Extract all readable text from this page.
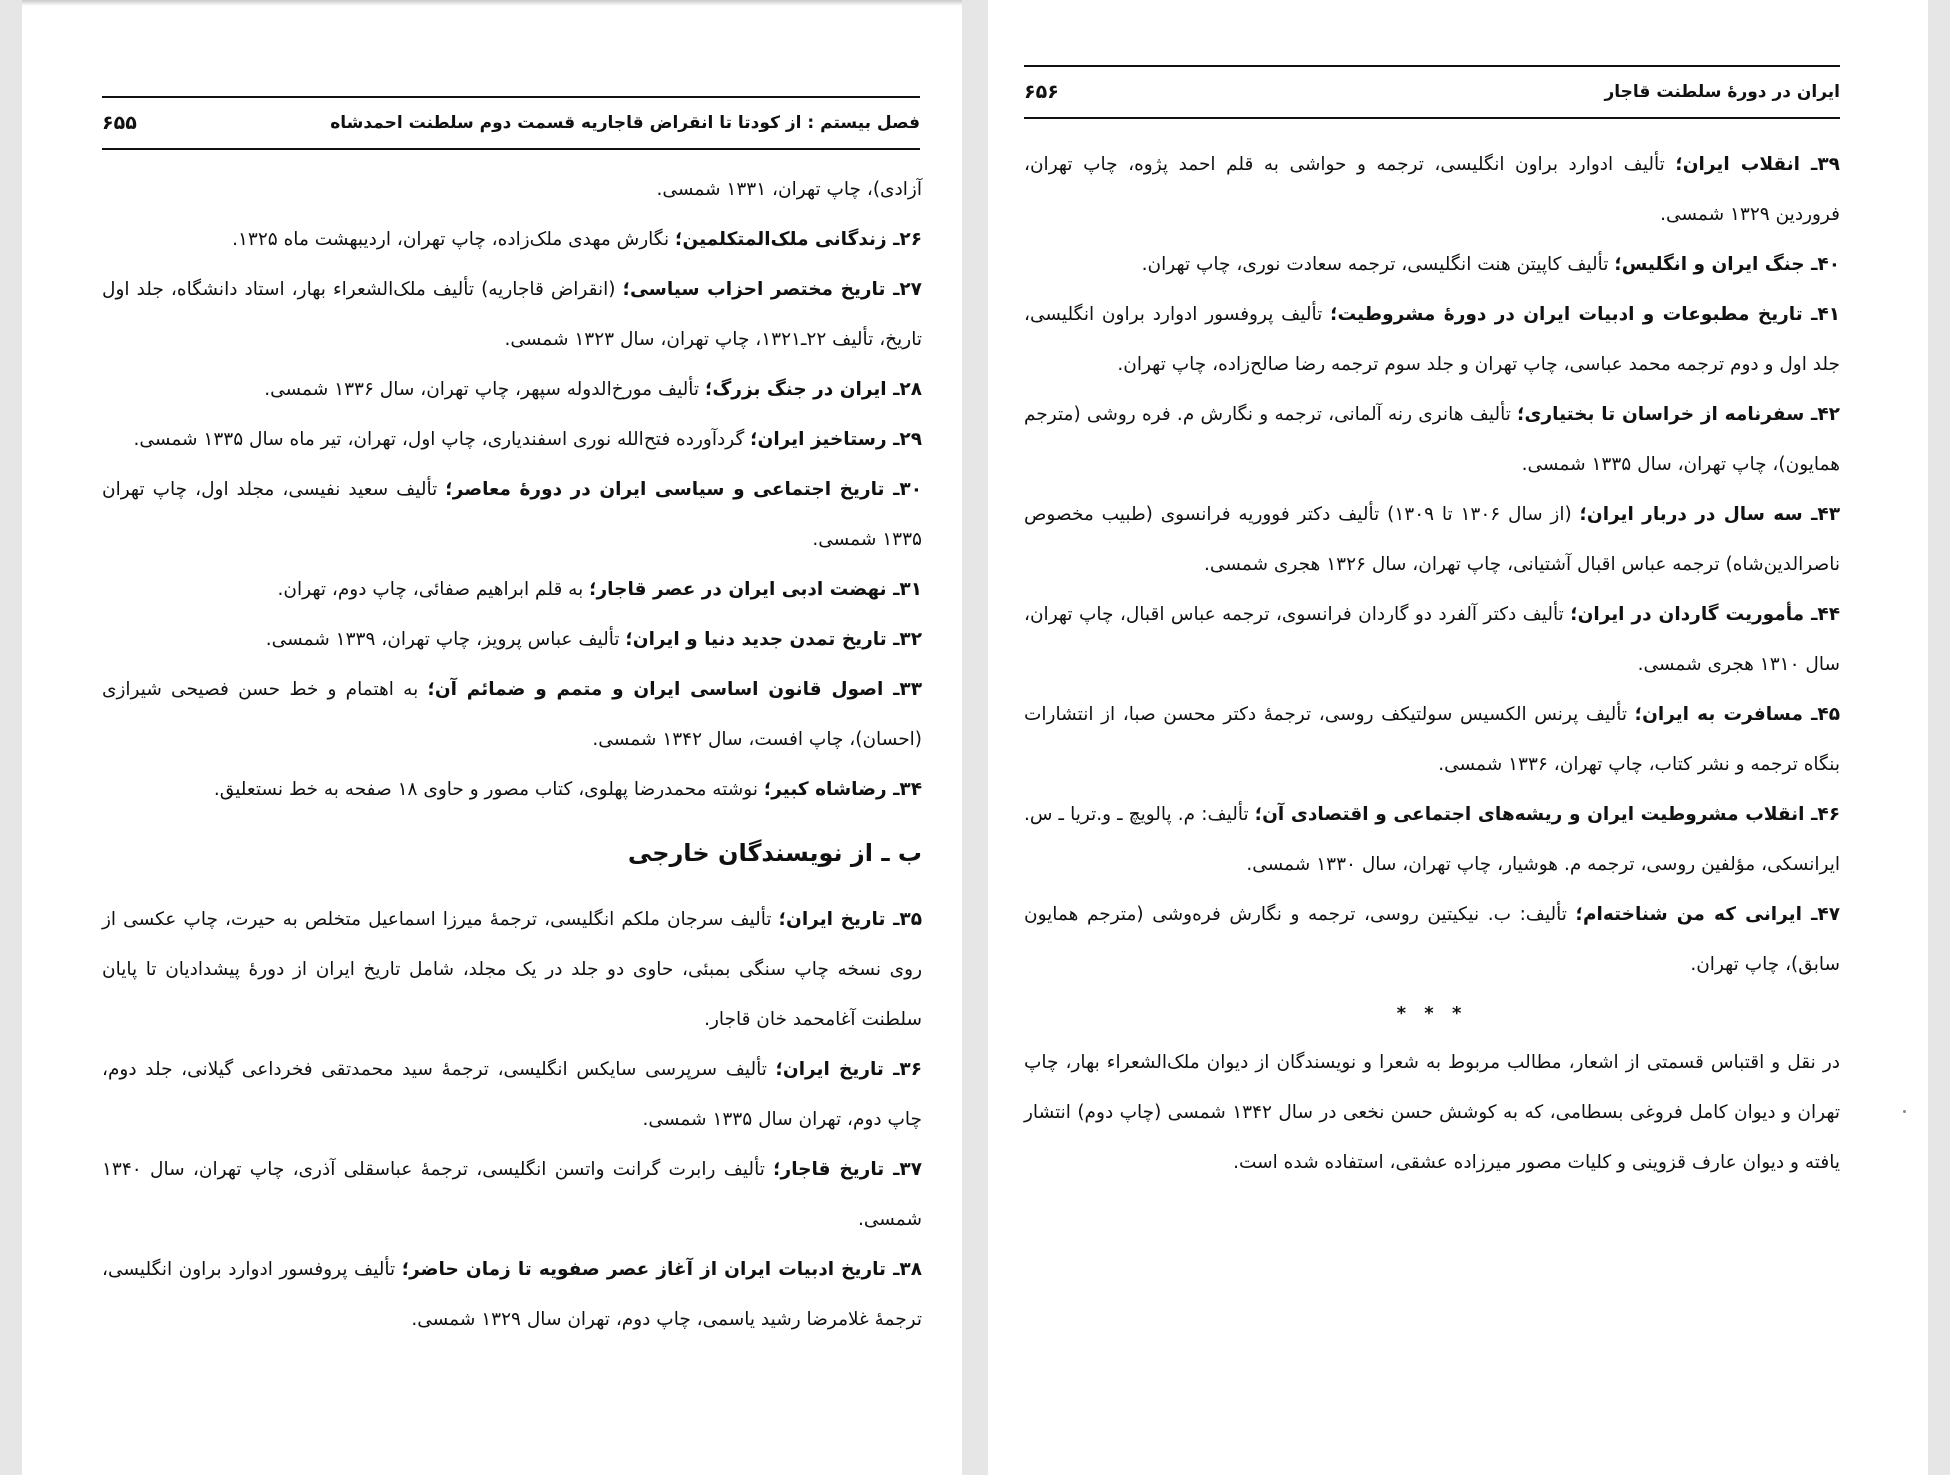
فصل بیستم : از کودتا تا انقراض قاجاریه قسمت دوم سلطنت احمدشاه
۶۵۵

آزادی)، چاپ تهران، ۱۳۳۱ شمسی.

۲۶ـ زندگانی ملک‌المتکلمین؛ نگارش مهدی ملک‌زاده، چاپ تهران، اردیبهشت ماه ۱۳۲۵.

۲۷ـ تاریخ مختصر احزاب سیاسی؛ (انقراض قاجاریه) تألیف ملک‌الشعراء بهار، استاد دانشگاه، جلد اول تاریخ، تألیف ۲۲ـ۱۳۲۱، چاپ تهران، سال ۱۳۲۳ شمسی.

۲۸ـ ایران در جنگ بزرگ؛ تألیف مورخ‌الدوله سپهر، چاپ تهران، سال ۱۳۳۶ شمسی.

۲۹ـ رستاخیز ایران؛ گردآورده فتح‌الله نوری اسفندیاری، چاپ اول، تهران، تیر ماه سال ۱۳۳۵ شمسی.

۳۰ـ تاریخ اجتماعی و سیاسی ایران در دورهٔ معاصر؛ تألیف سعید نفیسی، مجلد اول، چاپ تهران ۱۳۳۵ شمسی.

۳۱ـ نهضت ادبی ایران در عصر قاجار؛ به قلم ابراهیم صفائی، چاپ دوم، تهران.

۳۲ـ تاریخ تمدن جدید دنیا و ایران؛ تألیف عباس پرویز، چاپ تهران، ۱۳۳۹ شمسی.

۳۳ـ اصول قانون اساسی ایران و متمم و ضمائم آن؛ به اهتمام و خط حسن فصیحی شیرازی (احسان)، چاپ افست، سال ۱۳۴۲ شمسی.

۳۴ـ رضاشاه کبیر؛ نوشته محمدرضا پهلوی، کتاب مصور و حاوی ۱۸ صفحه به خط نستعلیق.

ب ـ از نویسندگان خارجی

۳۵ـ تاریخ ایران؛ تألیف سرجان ملکم انگلیسی، ترجمهٔ میرزا اسماعیل متخلص به حیرت، چاپ عکسی از روی نسخه چاپ سنگی بمبئی، حاوی دو جلد در یک مجلد، شامل تاریخ ایران از دورهٔ پیشدادیان تا پایان سلطنت آغامحمد خان قاجار.

۳۶ـ تاریخ ایران؛ تألیف سرپرسی سایکس انگلیسی، ترجمهٔ سید محمدتقی فخرداعی گیلانی، جلد دوم، چاپ دوم، تهران سال ۱۳۳۵ شمسی.

۳۷ـ تاریخ قاجار؛ تألیف رابرت گرانت واتسن انگلیسی، ترجمهٔ عباسقلی آذری، چاپ تهران، سال ۱۳۴۰ شمسی.

۳۸ـ تاریخ ادبیات ایران از آغاز عصر صفویه تا زمان حاضر؛ تألیف پروفسور ادوارد براون انگلیسی، ترجمهٔ غلامرضا رشید یاسمی، چاپ دوم، تهران سال ۱۳۲۹ شمسی.

ایران در دورهٔ سلطنت قاجار
۶۵۶

۳۹ـ انقلاب ایران؛ تألیف ادوارد براون انگلیسی، ترجمه و حواشی به قلم احمد پژوه، چاپ تهران، فروردین ۱۳۲۹ شمسی.

۴۰ـ جنگ ایران و انگلیس؛ تألیف کاپیتن هنت انگلیسی، ترجمه سعادت نوری، چاپ تهران.

۴۱ـ تاریخ مطبوعات و ادبیات ایران در دورهٔ مشروطیت؛ تألیف پروفسور ادوارد براون انگلیسی، جلد اول و دوم ترجمه محمد عباسی، چاپ تهران و جلد سوم ترجمه رضا صالح‌زاده، چاپ تهران.

۴۲ـ سفرنامه از خراسان تا بختیاری؛ تألیف هانری رنه آلمانی، ترجمه و نگارش م. فره روشی (مترجم همایون)، چاپ تهران، سال ۱۳۳۵ شمسی.

۴۳ـ سه سال در دربار ایران؛ (از سال ۱۳۰۶ تا ۱۳۰۹) تألیف دکتر فووریه فرانسوی (طبیب مخصوص ناصرالدین‌شاه) ترجمه عباس اقبال آشتیانی، چاپ تهران، سال ۱۳۲۶ هجری شمسی.

۴۴ـ مأموریت گاردان در ایران؛ تألیف دکتر آلفرد دو گاردان فرانسوی، ترجمه عباس اقبال، چاپ تهران، سال ۱۳۱۰ هجری شمسی.

۴۵ـ مسافرت به ایران؛ تألیف پرنس الکسیس سولتیکف روسی، ترجمهٔ دکتر محسن صبا، از انتشارات بنگاه ترجمه و نشر کتاب، چاپ تهران، ۱۳۳۶ شمسی.

۴۶ـ انقلاب مشروطیت ایران و ریشه‌های اجتماعی و اقتصادی آن؛ تألیف: م. پالویچ ـ و.تریا ـ س. ایرانسکی، مؤلفین روسی، ترجمه م. هوشیار، چاپ تهران، سال ۱۳۳۰ شمسی.

۴۷ـ ایرانی که من شناخته‌ام؛ تألیف: ب. نیکیتین روسی، ترجمه و نگارش فره‌وشی (مترجم همایون سابق)، چاپ تهران.

* * *

در نقل و اقتباس قسمتی از اشعار، مطالب مربوط به شعرا و نویسندگان از دیوان ملک‌الشعراء بهار، چاپ تهران و دیوان کامل فروغی بسطامی، که به کوشش حسن نخعی در سال ۱۳۴۲ شمسی (چاپ دوم) انتشار یافته و دیوان عارف قزوینی و کلیات مصور میرزاده عشقی، استفاده شده است.
